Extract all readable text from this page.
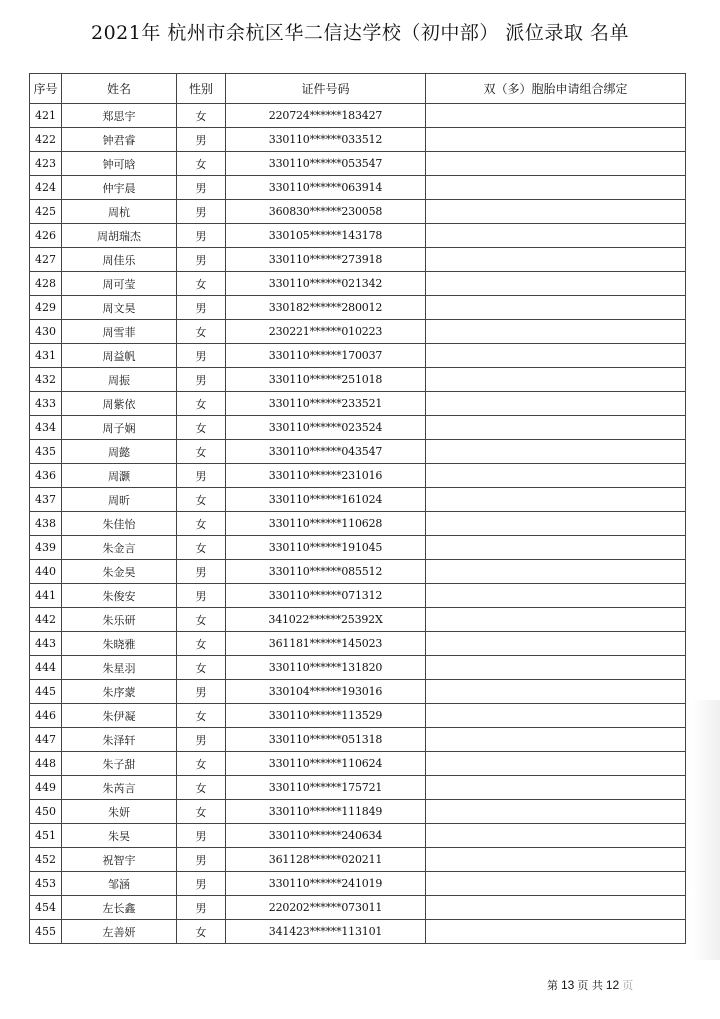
2021年 杭州市余杭区华二信达学校（初中部） 派位录取 名单
序号	姓名	性别	证件号码	双（多）胞胎申请组合绑定
421	郑思宇	女	220724******183427	
422	钟君睿	男	330110******033512	
423	钟可晗	女	330110******053547	
424	仲宇晨	男	330110******063914	
425	周杭	男	360830******230058	
426	周胡瑞杰	男	330105******143178	
427	周佳乐	男	330110******273918	
428	周可莹	女	330110******021342	
429	周文昊	男	330182******280012	
430	周雪菲	女	230221******010223	
431	周益帆	男	330110******170037	
432	周振	男	330110******251018	
433	周紫依	女	330110******233521	
434	周子娴	女	330110******023524	
435	周懿	女	330110******043547	
436	周灏	男	330110******231016	
437	周昕	女	330110******161024	
438	朱佳怡	女	330110******110628	
439	朱金言	女	330110******191045	
440	朱金昊	男	330110******085512	
441	朱俊安	男	330110******071312	
442	朱乐研	女	341022******25392X	
443	朱晓雅	女	361181******145023	
444	朱星羽	女	330110******131820	
445	朱序蒙	男	330104******193016	
446	朱伊凝	女	330110******113529	
447	朱泽轩	男	330110******051318	
448	朱子甜	女	330110******110624	
449	朱芮言	女	330110******175721	
450	朱妍	女	330110******111849	
451	朱昊	男	330110******240634	
452	祝智宇	男	361128******020211	
453	邹涵	男	330110******241019	
454	左长鑫	男	220202******073011	
455	左善妍	女	341423******113101	
第 13 页 共 12 页
